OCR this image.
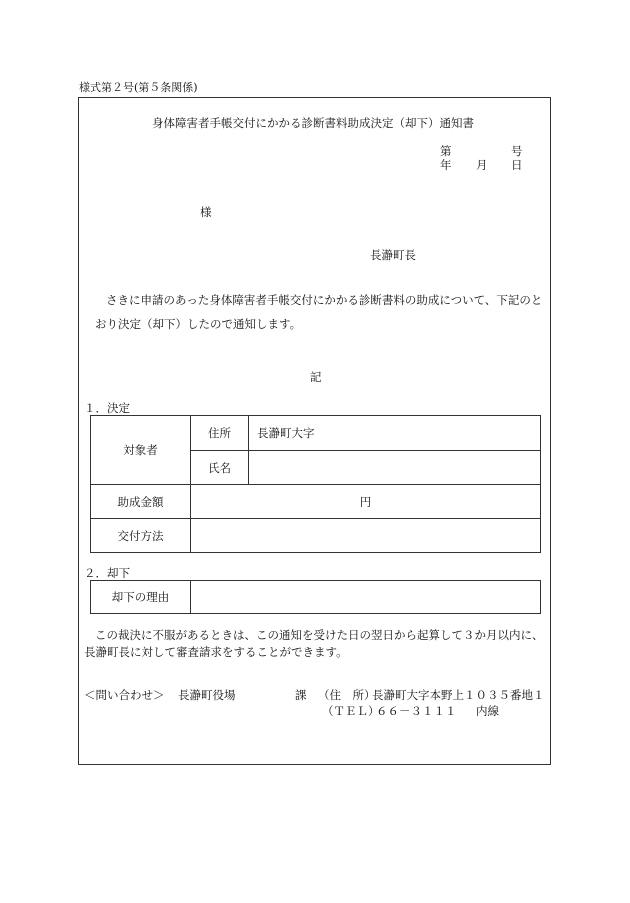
様式第２号(第５条関係)
身体障害者手帳交付にかかる診断書料助成決定（却下）通知書
第	号
年 月 日
様
長瀞町長
さきに申請のあった身体障害者手帳交付にかかる診断書料の助成について、下記のと
おり決定（却下）したので通知します。
記
１．決定
対象者	住所	長瀞町大字
	氏名	
助成金額	円	
交付方法		
２．却下
却下の理由	
この裁決に不服があるときは、この通知を受けた日の翌日から起算して３か月以内に、
長瀞町長に対して審査請求をすることができます。
＜問い合わせ＞ 長瀞町役場	課 （住　所）
長瀞町大字本野上１０３５番地１
（ＴＥＬ）
６６－３１１１ 内線
